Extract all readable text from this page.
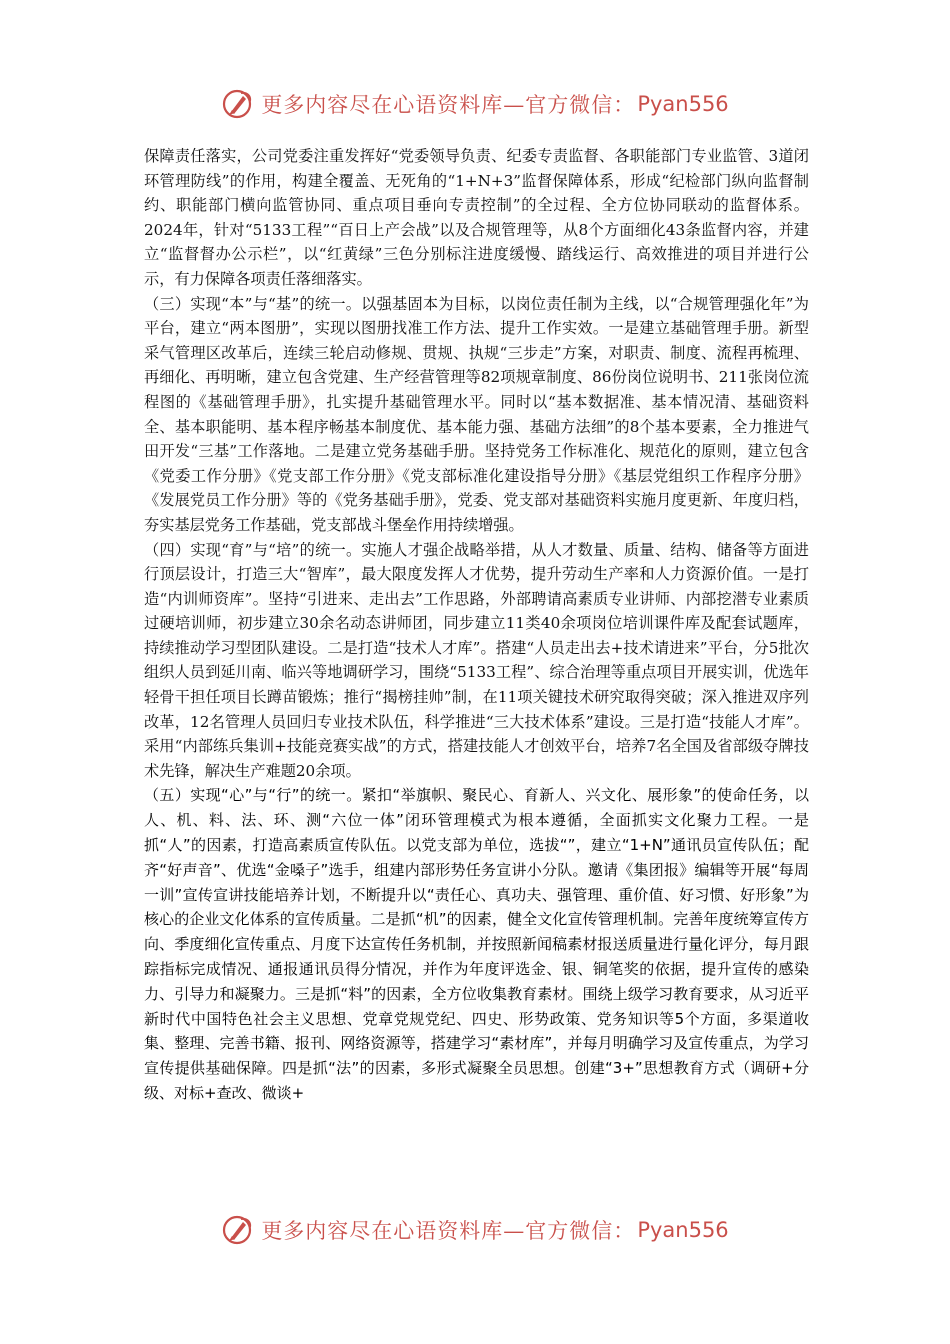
更多内容尽在心语资料库—官方微信： Pyan556

保障责任落实，公司党委注重发挥好“党委领导负责、纪委专责监督、各职能部门专业监管、3道闭环管理防线”的作用，构建全覆盖、无死角的“1+N+3”监督保障体系，形成“纪检部门纵向监督制约、职能部门横向监管协同、重点项目垂向专责控制”的全过程、全方位协同联动的监督体系。2024年，针对“5133工程”“百日上产会战”以及合规管理等，从8个方面细化43条监督内容，并建立“监督督办公示栏”，以“红黄绿”三色分别标注进度缓慢、踏线运行、高效推进的项目并进行公示，有力保障各项责任落细落实。

（三）实现“本”与“基”的统一。以强基固本为目标，以岗位责任制为主线，以“合规管理强化年”为平台，建立“两本图册”，实现以图册找准工作方法、提升工作实效。一是建立基础管理手册。新型采气管理区改革后，连续三轮启动修规、贯规、执规“三步走”方案，对职责、制度、流程再梳理、再细化、再明晰，建立包含党建、生产经营管理等82项规章制度、86份岗位说明书、211张岗位流程图的《基础管理手册》，扎实提升基础管理水平。同时以“基本数据准、基本情况清、基础资料全、基本职能明、基本程序畅基本制度优、基本能力强、基础方法细”的8个基本要素，全力推进气田开发“三基”工作落地。二是建立党务基础手册。坚持党务工作标准化、规范化的原则，建立包含《党委工作分册》《党支部工作分册》《党支部标准化建设指导分册》《基层党组织工作程序分册》《发展党员工作分册》等的《党务基础手册》，党委、党支部对基础资料实施月度更新、年度归档，夯实基层党务工作基础，党支部战斗堡垒作用持续增强。

（四）实现“育”与“培”的统一。实施人才强企战略举措，从人才数量、质量、结构、储备等方面进行顶层设计，打造三大“智库”，最大限度发挥人才优势，提升劳动生产率和人力资源价值。一是打造“内训师资库”。坚持“引进来、走出去”工作思路，外部聘请高素质专业讲师、内部挖潜专业素质过硬培训师，初步建立30余名动态讲师团，同步建立11类40余项岗位培训课件库及配套试题库，持续推动学习型团队建设。二是打造“技术人才库”。搭建“人员走出去+技术请进来”平台，分5批次组织人员到延川南、临兴等地调研学习，围绕“5133工程”、综合治理等重点项目开展实训，优选年轻骨干担任项目长蹲苗锻炼；推行“揭榜挂帅”制，在11项关键技术研究取得突破；深入推进双序列改革，12名管理人员回归专业技术队伍，科学推进“三大技术体系”建设。三是打造“技能人才库”。采用“内部练兵集训+技能竞赛实战”的方式，搭建技能人才创效平台，培养7名全国及省部级夺牌技术先锋，解决生产难题20余项。

（五）实现“心”与“行”的统一。紧扣“举旗帜、聚民心、育新人、兴文化、展形象”的使命任务，以人、机、料、法、环、测“六位一体”闭环管理模式为根本遵循，全面抓实文化聚力工程。一是抓“人”的因素，打造高素质宣传队伍。以党支部为单位，选拔“”，建立“1+N”通讯员宣传队伍；配齐“好声音”、优选“金嗓子”选手，组建内部形势任务宣讲小分队。邀请《集团报》编辑等开展“每周一训”宣传宣讲技能培养计划，不断提升以“责任心、真功夫、强管理、重价值、好习惯、好形象”为核心的企业文化体系的宣传质量。二是抓“机”的因素，健全文化宣传管理机制。完善年度统筹宣传方向、季度细化宣传重点、月度下达宣传任务机制，并按照新闻稿素材报送质量进行量化评分，每月跟踪指标完成情况、通报通讯员得分情况，并作为年度评选金、银、铜笔奖的依据，提升宣传的感染力、引导力和凝聚力。三是抓“料”的因素，全方位收集教育素材。围绕上级学习教育要求，从习近平新时代中国特色社会主义思想、党章党规党纪、四史、形势政策、党务知识等5个方面，多渠道收集、整理、完善书籍、报刊、网络资源等，搭建学习“素材库”，并每月明确学习及宣传重点，为学习宣传提供基础保障。四是抓“法”的因素，多形式凝聚全员思想。创建“3+”思想教育方式（调研+分级、对标+查改、微谈+

更多内容尽在心语资料库—官方微信： Pyan556
